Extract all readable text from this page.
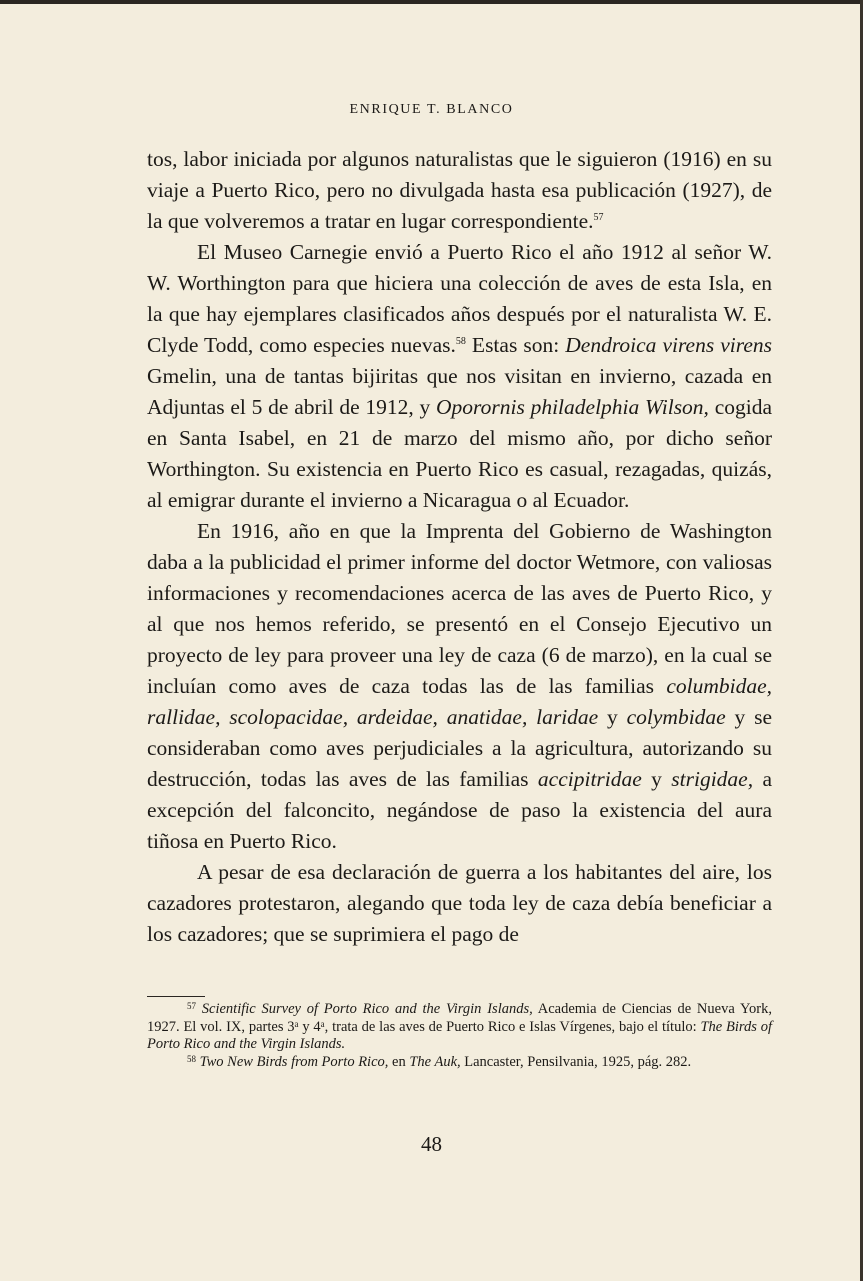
ENRIQUE T. BLANCO

tos, labor iniciada por algunos naturalistas que le siguieron (1916) en su viaje a Puerto Rico, pero no divulgada hasta esa publicación (1927), de la que volveremos a tratar en lugar correspondiente.$^{57}$

El Museo Carnegie envió a Puerto Rico el año 1912 al señor W. W. Worthington para que hiciera una colección de aves de esta Isla, en la que hay ejemplares clasificados años después por el naturalista W. E. Clyde Todd, como especies nuevas.$^{58}$ Estas son: Dendroica virens virens Gmelin, una de tantas bijiritas que nos visitan en invierno, cazada en Adjuntas el 5 de abril de 1912, y Oporornis philadelphia Wilson, cogida en Santa Isabel, en 21 de marzo del mismo año, por dicho señor Worthington. Su existencia en Puerto Rico es casual, rezagadas, quizás, al emigrar durante el invierno a Nicaragua o al Ecuador.

En 1916, año en que la Imprenta del Gobierno de Washington daba a la publicidad el primer informe del doctor Wetmore, con valiosas informaciones y recomendaciones acerca de las aves de Puerto Rico, y al que nos hemos referido, se presentó en el Consejo Ejecutivo un proyecto de ley para proveer una ley de caza (6 de marzo), en la cual se incluían como aves de caza todas las de las familias columbidae, rallidae, scolopacidae, ardeidae, anatidae, laridae y colymbidae y se consideraban como aves perjudiciales a la agricultura, autorizando su destrucción, todas las aves de las familias accipitridae y strigidae, a excepción del falconcito, negándose de paso la existencia del aura tiñosa en Puerto Rico.

A pesar de esa declaración de guerra a los habitantes del aire, los cazadores protestaron, alegando que toda ley de caza debía beneficiar a los cazadores; que se suprimiera el pago de

$^{57}$ Scientific Survey of Porto Rico and the Virgin Islands, Academia de Ciencias de Nueva York, 1927. El vol. IX, partes 3$^a$ y 4$^a$, trata de las aves de Puerto Rico e Islas Vírgenes, bajo el título: The Birds of Porto Rico and the Virgin Islands.

$^{58}$ Two New Birds from Porto Rico, en The Auk, Lancaster, Pensilvania, 1925, pág. 282.

48
